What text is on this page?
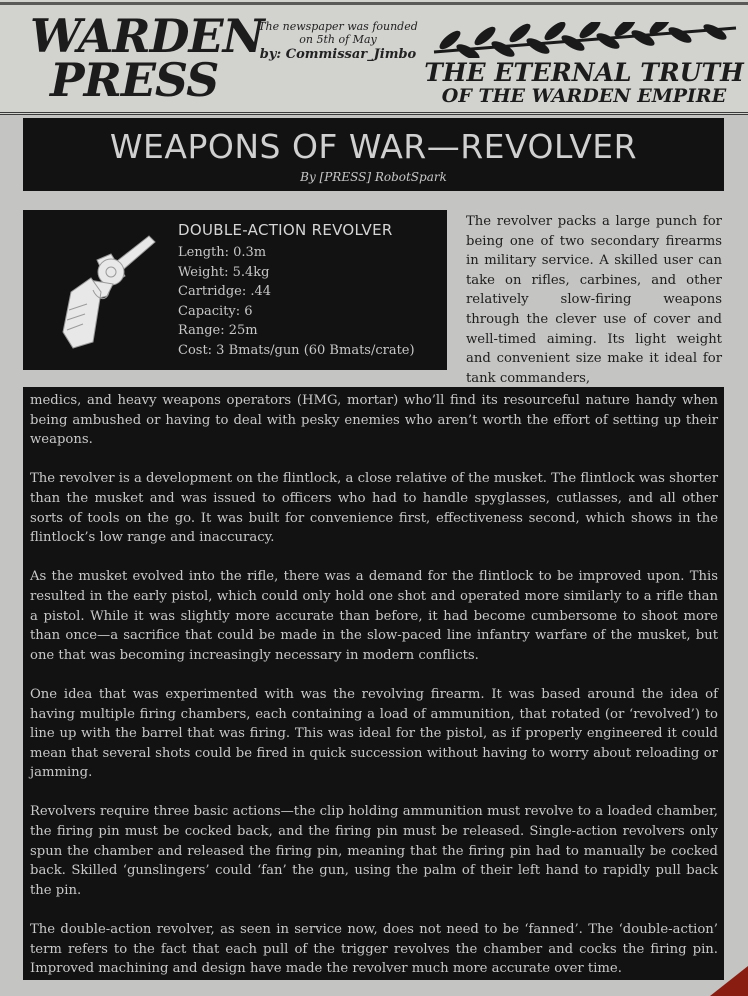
WARDEN
PRESS
The newspaper was founded
on 5th of May
by: Commissar_Jimbo
THE ETERNAL TRUTH
OF THE WARDEN EMPIRE
WEAPONS OF WAR—REVOLVER
By [PRESS] RobotSpark
DOUBLE-ACTION REVOLVER
Length: 0.3m
Weight: 5.4kg
Cartridge: .44
Capacity: 6
Range: 25m
Cost: 3 Bmats/gun (60 Bmats/crate)

The revolver packs a large punch for being one of two secondary firearms in military service. A skilled user can take on rifles, carbines, and other relatively slow-firing weapons through the clever use of cover and well-timed aiming. Its light weight and convenient size make it ideal for tank commanders,

medics, and heavy weapons operators (HMG, mortar) who’ll find its resourceful nature handy when being ambushed or having to deal with pesky enemies who aren’t worth the effort of setting up their weapons.

The revolver is a development on the flintlock, a close relative of the musket. The flintlock was shorter than the musket and was issued to officers who had to handle spyglasses, cutlasses, and all other sorts of tools on the go. It was built for convenience first, effectiveness second, which shows in the flintlock’s low range and inaccuracy.

As the musket evolved into the rifle, there was a demand for the flintlock to be improved upon. This resulted in the early pistol, which could only hold one shot and operated more similarly to a rifle than a pistol. While it was slightly more accurate than before, it had become cumbersome to shoot more than once—a sacrifice that could be made in the slow-paced line infantry warfare of the musket, but one that was becoming increasingly necessary in modern conflicts.

One idea that was experimented with was the revolving firearm. It was based around the idea of having multiple firing chambers, each containing a load of ammunition, that rotated (or ‘revolved’) to line up with the barrel that was firing. This was ideal for the pistol, as if properly engineered it could mean that several shots could be fired in quick succession without having to worry about reloading or jamming.

Revolvers require three basic actions—the clip holding ammunition must revolve to a loaded chamber, the firing pin must be cocked back, and the firing pin must be released. Single-action revolvers only spun the chamber and released the firing pin, meaning that the firing pin had to manually be cocked back. Skilled ‘gunslingers’ could ‘fan’ the gun, using the palm of their left hand to rapidly pull back the pin.

The double-action revolver, as seen in service now, does not need to be ‘fanned’. The ‘double-action’ term refers to the fact that each pull of the trigger revolves the chamber and cocks the firing pin. Improved machining and design have made the revolver much more accurate over time.
